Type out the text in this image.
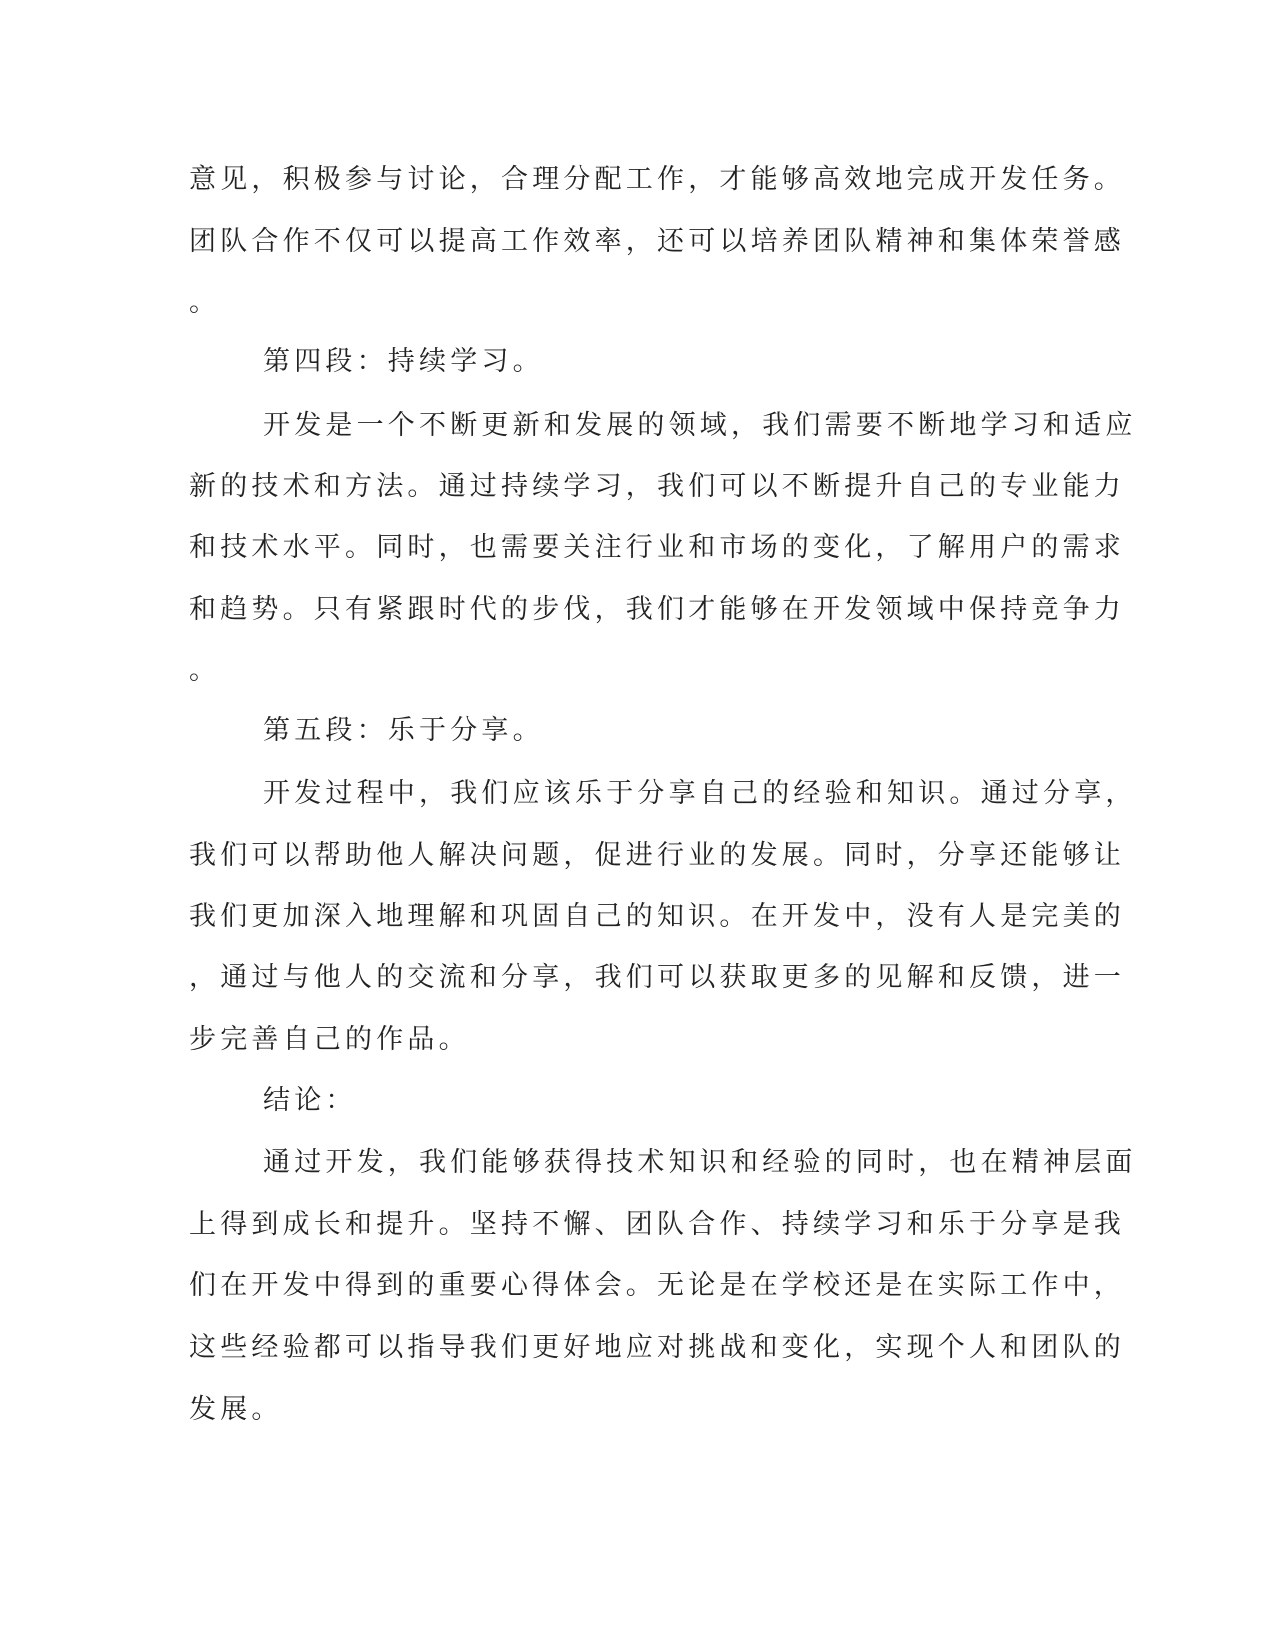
意见，积极参与讨论，合理分配工作，才能够高效地完成开发任务。

团队合作不仅可以提高工作效率，还可以培养团队精神和集体荣誉感

。

第四段：持续学习。

开发是一个不断更新和发展的领域，我们需要不断地学习和适应

新的技术和方法。通过持续学习，我们可以不断提升自己的专业能力

和技术水平。同时，也需要关注行业和市场的变化，了解用户的需求

和趋势。只有紧跟时代的步伐，我们才能够在开发领域中保持竞争力

。

第五段：乐于分享。

开发过程中，我们应该乐于分享自己的经验和知识。通过分享，

我们可以帮助他人解决问题，促进行业的发展。同时，分享还能够让

我们更加深入地理解和巩固自己的知识。在开发中，没有人是完美的

，通过与他人的交流和分享，我们可以获取更多的见解和反馈，进一

步完善自己的作品。

结论：

通过开发，我们能够获得技术知识和经验的同时，也在精神层面

上得到成长和提升。坚持不懈、团队合作、持续学习和乐于分享是我

们在开发中得到的重要心得体会。无论是在学校还是在实际工作中，

这些经验都可以指导我们更好地应对挑战和变化，实现个人和团队的

发展。
